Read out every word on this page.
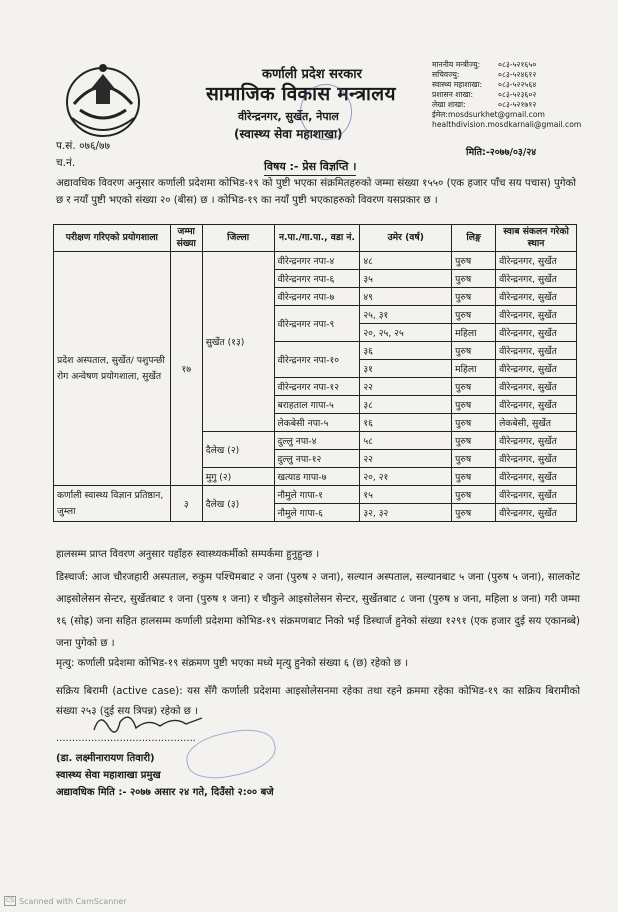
कर्णाली प्रदेश सरकार
सामाजिक विकास मन्त्रालय
वीरेन्द्रनगर, सुर्खेत, नेपाल
(स्वास्थ्य सेवा महाशाखा)
माननीय मन्त्रीज्यु:	०८३-५२१६५०
सचिवज्यु:	०८३-५२४६१२
स्वास्थ्य महाशाखा:	०८३-५२२५६४
प्रशासन शाखा:	०८३-५२३६०२
लेखा शाखा:	०८३-५२१७१२
ईमेल: mosdsurkhet@gmail.com
healthdivision.mosdkarnali@gmail.com
मिति:-२०७७/०३/२४
प.सं. ०७६/७७
च.नं.	विषय :- प्रेस विज्ञप्ति ।
अद्यावधिक विवरण अनुसार कर्णाली प्रदेशमा कोभिड-१९ को पुष्टी भएका संक्रमितहरुको जम्मा संख्या १५५० (एक हजार पाँच सय पचास) पुगेको छ र नयाँ पुष्टी भएको संख्या २० (बीस) छ । कोभिड-१९ का नयाँ पुष्टी भएकाहरुको विवरण यसप्रकार छ ।
परीक्षण गरिएको प्रयोगशाला	जम्मा संख्या	जिल्ला	न.पा./गा.पा., वडा नं.	उमेर (वर्ष)	लिङ्ग	स्वाब संकलन गरेको स्थान
प्रदेश अस्पताल, सुर्खेत/ पशुपन्छी रोग अन्वेषण प्रयोगशाला, सुर्खेत	१७	सुर्खेत (१३)	वीरेन्द्रनगर नपा-४	४८	पुरुष	वीरेन्द्रनगर, सुर्खेत
			वीरेन्द्रनगर नपा-६	३५	पुरुष	वीरेन्द्रनगर, सुर्खेत
			वीरेन्द्रनगर नपा-७	४९	पुरुष	वीरेन्द्रनगर, सुर्खेत
			वीरेन्द्रनगर नपा-९	२५, ३१	पुरुष	वीरेन्द्रनगर, सुर्खेत
				२०, २५, २५	महिला	वीरेन्द्रनगर, सुर्खेत
			वीरेन्द्रनगर नपा-१०	३६	पुरुष	वीरेन्द्रनगर, सुर्खेत
				३१	महिला	वीरेन्द्रनगर, सुर्खेत
			वीरेन्द्रनगर नपा-१२	२२	पुरुष	वीरेन्द्रनगर, सुर्खेत
			बराहताल गापा-५	३८	पुरुष	वीरेन्द्रनगर, सुर्खेत
			लेकबेसी नपा-५	१६	पुरुष	लेकबेसी, सुर्खेत
		दैलेख (२)	दुल्लु नपा-४	५८	पुरुष	वीरेन्द्रनगर, सुर्खेत
			दुल्लु नपा-१२	२२	पुरुष	वीरेन्द्रनगर, सुर्खेत
		मुगु (२)	खत्याड गापा-७	२०, २१	पुरुष	वीरेन्द्रनगर, सुर्खेत
कर्णाली स्वास्थ्य विज्ञान प्रतिष्ठान, जुम्ला	३	दैलेख (३)	नौमुले गापा-१	१५	पुरुष	वीरेन्द्रनगर, सुर्खेत
			नौमुले गापा-६	३२, ३२	पुरुष	वीरेन्द्रनगर, सुर्खेत
हालसम्म प्राप्त विवरण अनुसार यहाँहरु स्वास्थ्यकर्मीको सम्पर्कमा हुनुहुन्छ ।
डिस्चार्ज: आज चौरजहारी अस्पताल, रुकुम पश्चिमबाट २ जना (पुरुष २ जना), सल्यान अस्पताल, सल्यानबाट ५ जना (पुरुष ५ जना), सालकोट आइसोलेसन सेन्टर, सुर्खेतबाट १ जना (पुरुष १ जना) र चौकुने आइसोलेसन सेन्टर, सुर्खेतबाट ८ जना (पुरुष ४ जना, महिला ४ जना) गरी जम्मा १६ (सोह्र) जना सहित हालसम्म कर्णाली प्रदेशमा कोभिड-१९ संक्रमणबाट निको भई डिस्चार्ज हुनेको संख्या १२९१ (एक हजार दुई सय एकानब्बे) जना पुगेको छ ।
मृत्यु: कर्णाली प्रदेशमा कोभिड-१९ संक्रमण पुष्टी भएका मध्ये मृत्यु हुनेको संख्या ६ (छ) रहेको छ ।
सक्रिय बिरामी (active case): यस सँगै कर्णाली प्रदेशमा आइसोलेसनमा रहेका तथा रहने क्रममा रहेका कोभिड-१९ का सक्रिय बिरामीको संख्या २५३ (दुई सय त्रिपन्न) रहेको छ ।
............................................
(डा. लक्ष्मीनारायण तिवारी)
स्वास्थ्य सेवा महाशाखा प्रमुख
अद्यावधिक मिति :- २०७७ असार २४ गते, दिउँसो २:०० बजे
CS Scanned with CamScanner
